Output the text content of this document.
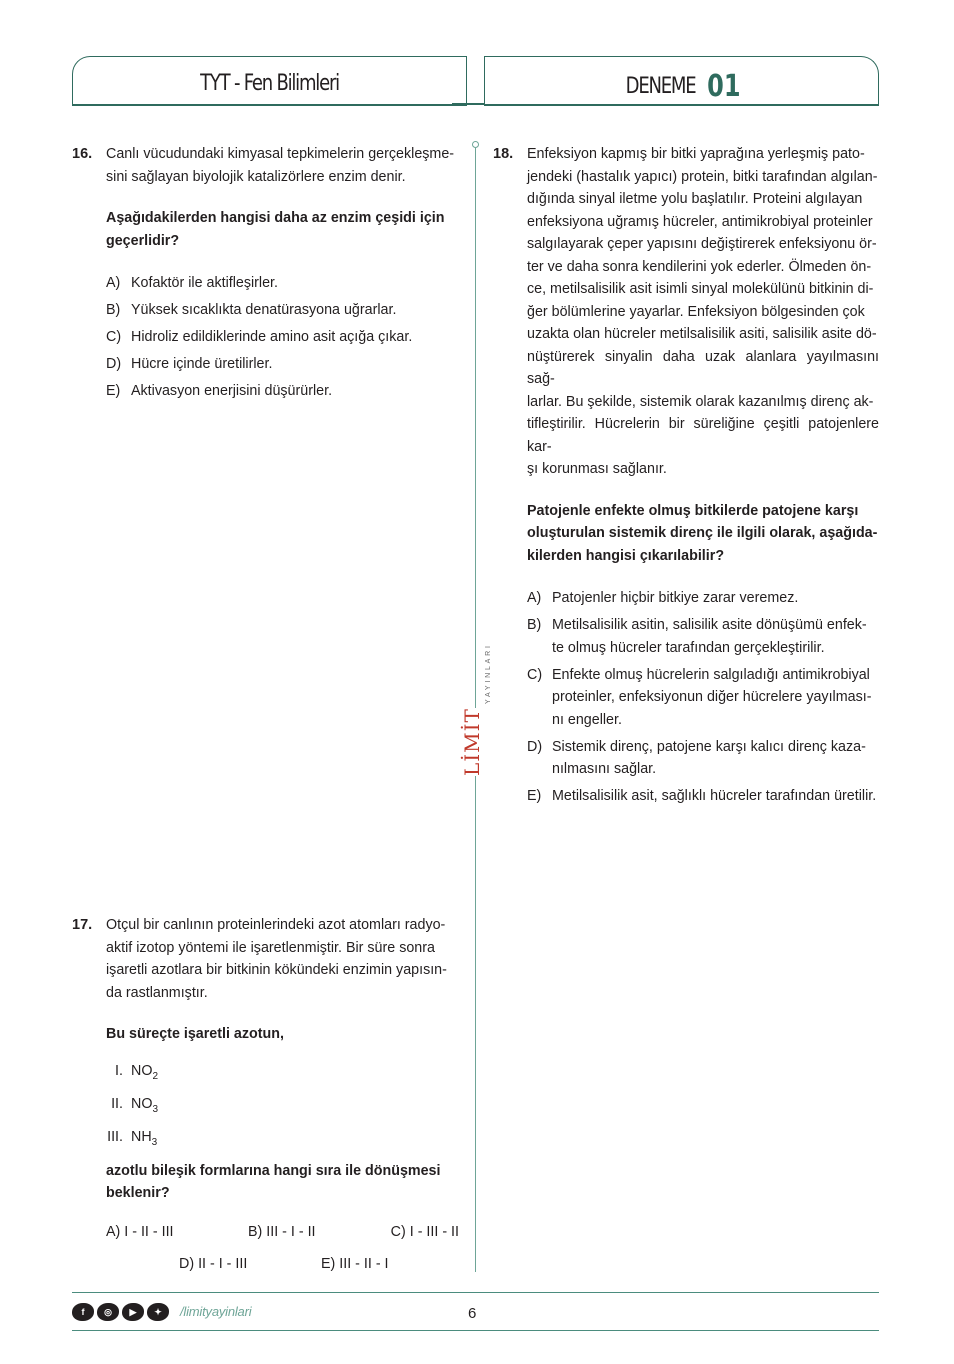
TYT - Fen Bilimleri	DENEME 01
LİMİT
YAYINLARI
16. Canlı vücudundaki kimyasal tepkimelerin gerçekleşme-
sini sağlayan biyolojik katalizörlere enzim denir.
Aşağıdakilerden hangisi daha az enzim çeşidi için
geçerlidir?
A) Kofaktör ile aktifleşirler.
B) Yüksek sıcaklıkta denatürasyona uğrarlar.
C) Hidroliz edildiklerinde amino asit açığa çıkar.
D) Hücre içinde üretilirler.
E) Aktivasyon enerjisini düşürürler.
17. Otçul bir canlının proteinlerindeki azot atomları radyo-
aktif izotop yöntemi ile işaretlenmiştir. Bir süre sonra
işaretli azotlara bir bitkinin kökündeki enzimin yapısın-
da rastlanmıştır.
Bu süreçte işaretli azotun,
I. $NO_2$
II. $NO_3$
III. $NH_3$
azotlu bileşik formlarına hangi sıra ile dönüşmesi
beklenir?
A) I - II - III	B) III - I - II	C) I - III - II
D) II - I - III	E) III - II - I
18. Enfeksiyon kapmış bir bitki yaprağına yerleşmiş pato-
jendeki (hastalık yapıcı) protein, bitki tarafından algılan-
dığında sinyal iletme yolu başlatılır. Proteini algılayan
enfeksiyona uğramış hücreler, antimikrobiyal proteinler
salgılayarak çeper yapısını değiştirerek enfeksiyonu ör-
ter ve daha sonra kendilerini yok ederler. Ölmeden ön-
ce, metilsalisilik asit isimli sinyal molekülünü bitkinin di-
ğer bölümlerine yayarlar. Enfeksiyon bölgesinden çok
uzakta olan hücreler metilsalisilik asiti, salisilik asite dö-
nüştürerek sinyalin daha uzak alanlara yayılmasını sağ-
larlar. Bu şekilde, sistemik olarak kazanılmış direnç ak-
tifleştirilir. Hücrelerin bir süreliğine çeşitli patojenlere kar-
şı korunması sağlanır.
Patojenle enfekte olmuş bitkilerde patojene karşı
oluşturulan sistemik direnç ile ilgili olarak, aşağıda-
kilerden hangisi çıkarılabilir?
A) Patojenler hiçbir bitkiye zarar veremez.
B) Metilsalisilik asitin, salisilik asite dönüşümü enfek-
te olmuş hücreler tarafından gerçekleştirilir.
C) Enfekte olmuş hücrelerin salgıladığı antimikrobiyal
proteinler, enfeksiyonun diğer hücrelere yayılması-
nı engeller.
D) Sistemik direnç, patojene karşı kalıcı direnç kaza-
nılmasını sağlar.
E) Metilsalisilik asit, sağlıklı hücreler tarafından üretilir.
f	◎	▶	✦	/limityayinlari	6
